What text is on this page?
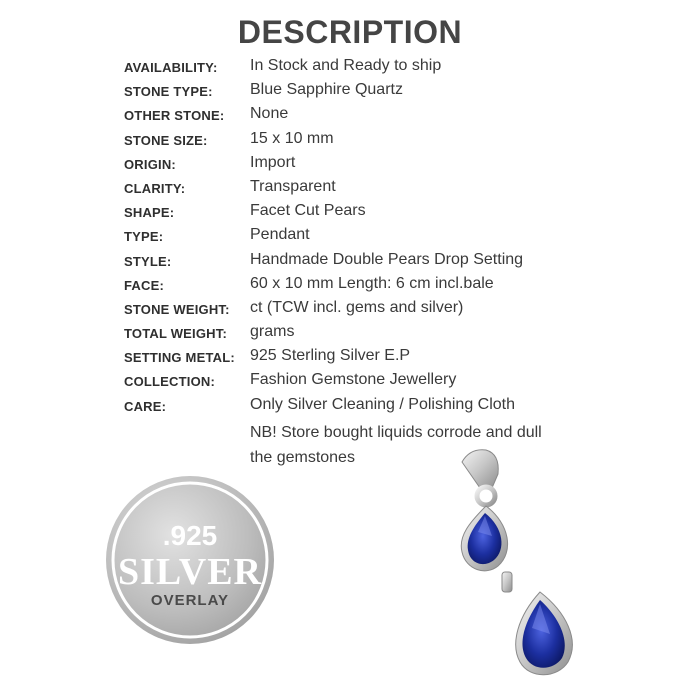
DESCRIPTION
AVAILABILITY: In Stock and Ready to ship
STONE TYPE: Blue Sapphire Quartz
OTHER STONE: None
STONE SIZE:	15 x 10 mm
ORIGIN:	Import
CLARITY:	Transparent
SHAPE:	Facet Cut Pears
TYPE:	Pendant
STYLE:	Handmade Double Pears Drop Setting
FACE:	60 x 10 mm Length: 6 cm incl.bale
STONE WEIGHT: ct (TCW incl. gems and silver)
TOTAL WEIGHT: grams
SETTING METAL: 925 Sterling Silver E.P
COLLECTION: Fashion Gemstone Jewellery
CARE:	Only Silver Cleaning / Polishing Cloth
NB! Store bought liquids corrode and dull
the gemstones
.925
SILVER
OVERLAY
